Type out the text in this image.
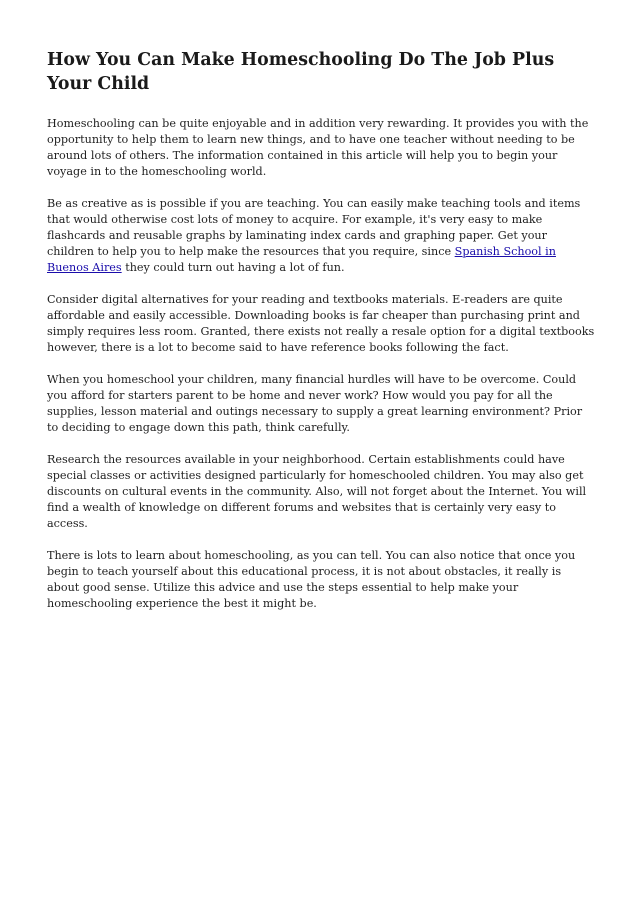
How You Can Make Homeschooling Do The Job Plus Your Child

Homeschooling can be quite enjoyable and in addition very rewarding. It provides you with the opportunity to help them to learn new things, and to have one teacher without needing to be around lots of others. The information contained in this article will help you to begin your voyage in to the homeschooling world.

Be as creative as is possible if you are teaching. You can easily make teaching tools and items that would otherwise cost lots of money to acquire. For example, it's very easy to make flashcards and reusable graphs by laminating index cards and graphing paper. Get your children to help you to help make the resources that you require, since Spanish School in Buenos Aires they could turn out having a lot of fun.

Consider digital alternatives for your reading and textbooks materials. E-readers are quite affordable and easily accessible. Downloading books is far cheaper than purchasing print and simply requires less room. Granted, there exists not really a resale option for a digital textbooks however, there is a lot to become said to have reference books following the fact.

When you homeschool your children, many financial hurdles will have to be overcome. Could you afford for starters parent to be home and never work? How would you pay for all the supplies, lesson material and outings necessary to supply a great learning environment? Prior to deciding to engage down this path, think carefully.

Research the resources available in your neighborhood. Certain establishments could have special classes or activities designed particularly for homeschooled children. You may also get discounts on cultural events in the community. Also, will not forget about the Internet. You will find a wealth of knowledge on different forums and websites that is certainly very easy to access.

There is lots to learn about homeschooling, as you can tell. You can also notice that once you begin to teach yourself about this educational process, it is not about obstacles, it really is about good sense. Utilize this advice and use the steps essential to help make your homeschooling experience the best it might be.
